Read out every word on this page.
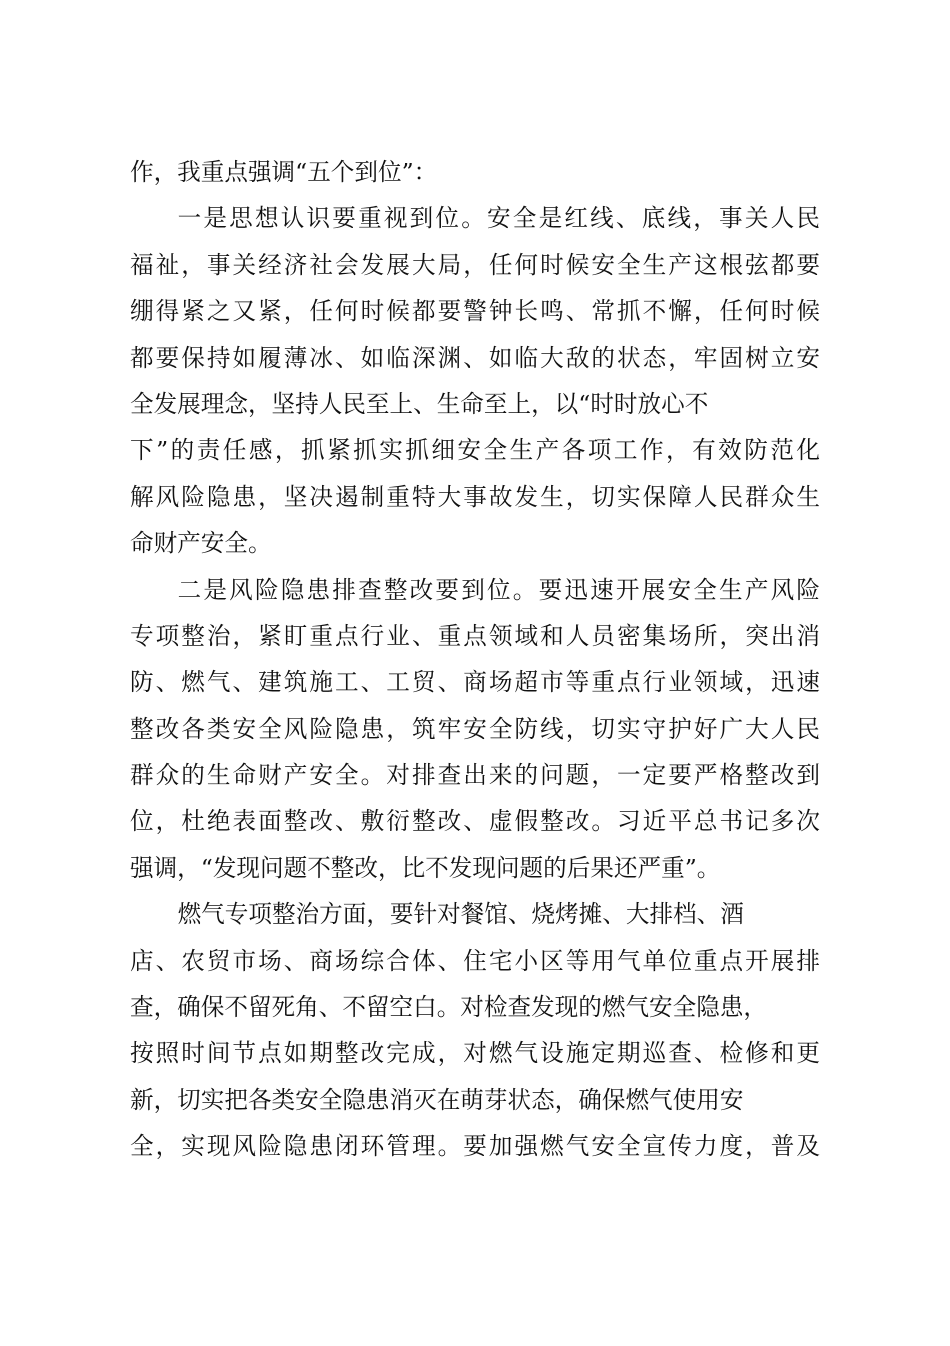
作，我重点强调“五个到位”：
一是思想认识要重视到位。安全是红线、底线，事关人民
福祉，事关经济社会发展大局，任何时候安全生产这根弦都要
绷得紧之又紧，任何时候都要警钟长鸣、常抓不懈，任何时候
都要保持如履薄冰、如临深渊、如临大敌的状态，牢固树立安
全发展理念，坚持人民至上、生命至上，以“时时放心不
下”的责任感，抓紧抓实抓细安全生产各项工作，有效防范化
解风险隐患，坚决遏制重特大事故发生，切实保障人民群众生
命财产安全。
二是风险隐患排查整改要到位。要迅速开展安全生产风险
专项整治，紧盯重点行业、重点领域和人员密集场所，突出消
防、燃气、建筑施工、工贸、商场超市等重点行业领域，迅速
整改各类安全风险隐患，筑牢安全防线，切实守护好广大人民
群众的生命财产安全。对排查出来的问题，一定要严格整改到
位，杜绝表面整改、敷衍整改、虚假整改。习近平总书记多次
强调，“发现问题不整改，比不发现问题的后果还严重”。
燃气专项整治方面，要针对餐馆、烧烤摊、大排档、酒
店、农贸市场、商场综合体、住宅小区等用气单位重点开展排
查，确保不留死角、不留空白。对检查发现的燃气安全隐患，
按照时间节点如期整改完成，对燃气设施定期巡查、检修和更
新，切实把各类安全隐患消灭在萌芽状态，确保燃气使用安
全，实现风险隐患闭环管理。要加强燃气安全宣传力度，普及
